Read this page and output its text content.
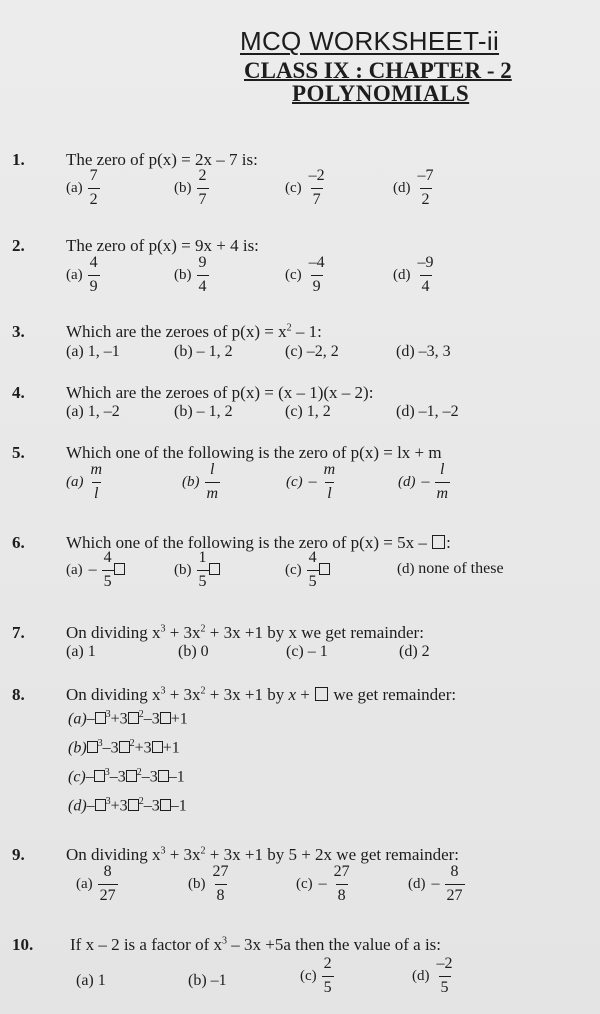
MCQ WORKSHEET-ii
CLASS IX : CHAPTER - 2
POLYNOMIALS
1. The zero of p(x) = 2x – 7 is:
$(a) \frac{7}{2}$	$(b) \frac{2}{7}$	$(c) \frac{-2}{7}$	$(d) \frac{-7}{2}$
2. The zero of p(x) = 9x + 4 is:
$(a) \frac{4}{9}$	$(b) \frac{9}{4}$	$(c) \frac{-4}{9}$	$(d) \frac{-9}{4}$
3. Which are the zeroes of $p(x) = x^2 - 1$:
(a) 1, –1	(b) – 1, 2	(c) –2, 2	(d) –3, 3
4. Which are the zeroes of p(x) = (x – 1)(x – 2):
(a) 1, –2	(b) – 1, 2	(c) 1, 2	(d) –1, –2
5. Which one of the following is the zero of p(x) = lx + m
$(a) \frac{m}{l}$	$(b) \frac{l}{m}$	$(c) - \frac{m}{l}$	$(d) - \frac{l}{m}$
6. Which one of the following is the zero of p(x) = 5x – :
$(a) - \frac{4}{5}$	$(b) \frac{1}{5}$	$(c) \frac{4}{5}$	(d) none of these
7. On dividing $x^3 + 3x^2 + 3x +1$ by x we get remainder:
(a) 1	(b) 0	(c) – 1	(d) 2
8. On dividing $x^3 + 3x^2 + 3x +1$ by x +  we get remainder:
(a)– $^3$+3 $^2$–3 +1
(b) $^3$–3 $^2$+3 +1
(c)– $^3$–3 $^2$–3 –1
(d)– $^3$+3 $^2$–3 –1
9. On dividing $x^3 + 3x^2 + 3x +1$ by 5 + 2x we get remainder:
$(a) \frac{8}{27}$	$(b) \frac{27}{8}$	$(c) - \frac{27}{8}$	$(d) - \frac{8}{27}$
10. If x – 2 is a factor of $x^3 - 3x +5a$ then the value of a is:
(a) 1	(b) –1	$(c) \frac{2}{5}$	$(d) \frac{-2}{5}$
